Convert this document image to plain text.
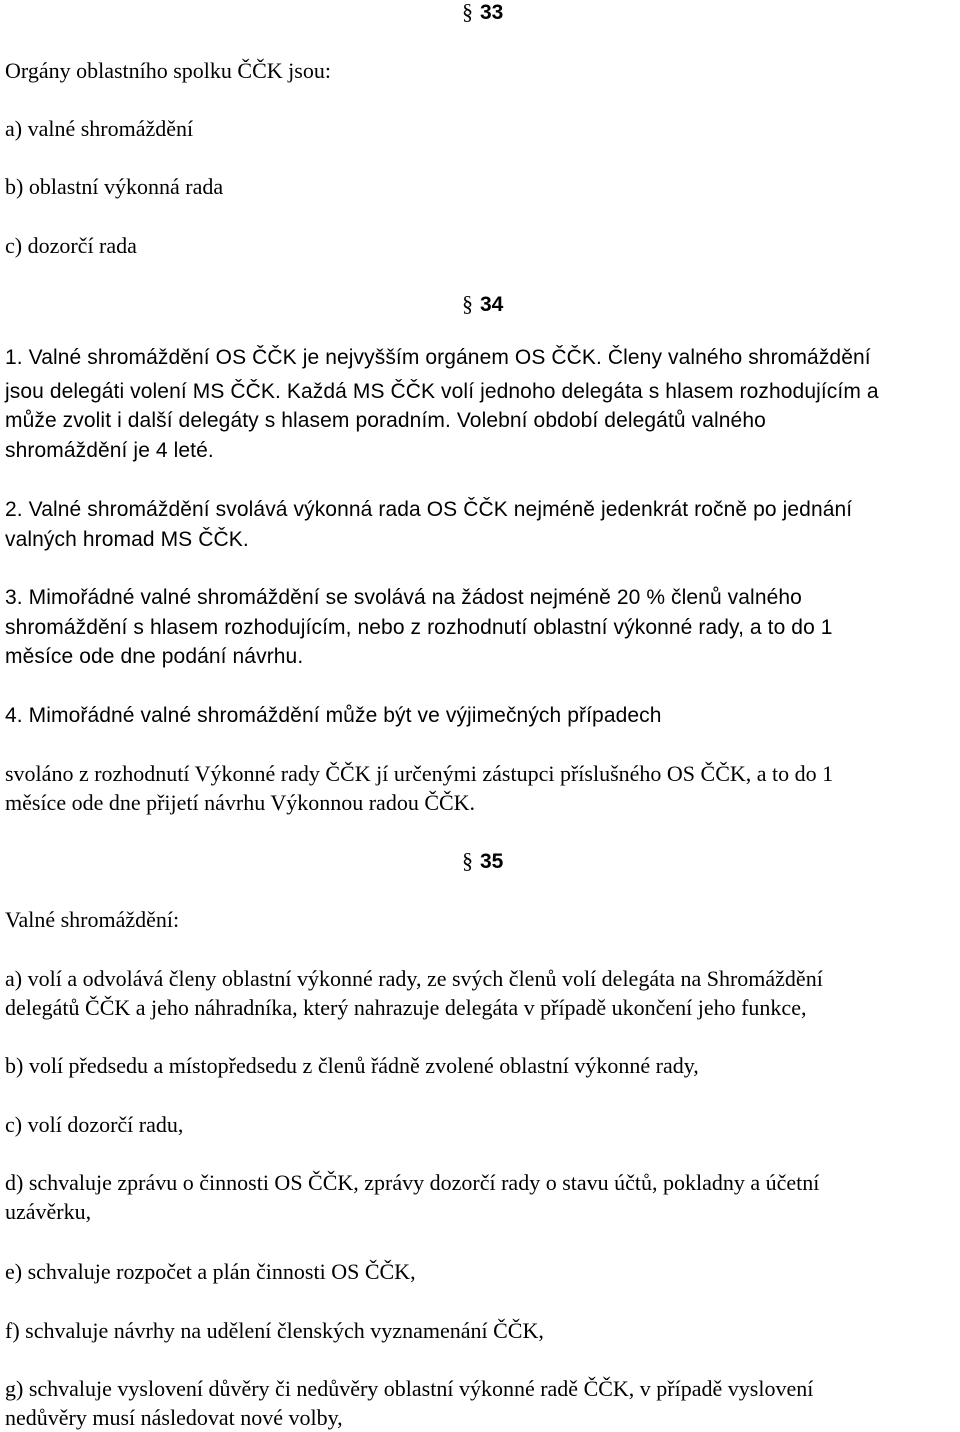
§ 33
§ 34
§ 35

Orgány oblastního spolku ČČK jsou:

a) valné shromáždění

b) oblastní výkonná rada

c) dozorčí rada

1. Valné shromáždění OS ČČK je nejvyšším orgánem OS ČČK. Členy valného shromáždění

jsou delegáti volení MS ČČK. Každá MS ČČK volí jednoho delegáta s hlasem rozhodujícím a

může zvolit i další delegáty s hlasem poradním. Volební období delegátů valného

shromáždění je 4 leté.

2. Valné shromáždění svolává výkonná rada OS ČČK nejméně jedenkrát ročně po jednání

valných hromad MS ČČK.

3. Mimořádné valné shromáždění se svolává na žádost nejméně 20 % členů valného

shromáždění s hlasem rozhodujícím, nebo z rozhodnutí oblastní výkonné rady, a to do 1

měsíce ode dne podání návrhu.

4. Mimořádné valné shromáždění může být ve výjimečných případech

svoláno z rozhodnutí Výkonné rady ČČK jí určenými zástupci příslušného OS ČČK, a to do 1

měsíce ode dne přijetí návrhu Výkonnou radou ČČK.

Valné shromáždění:

a) volí a odvolává členy oblastní výkonné rady, ze svých členů volí delegáta na Shromáždění

delegátů ČČK a jeho náhradníka, který nahrazuje delegáta v případě ukončení jeho funkce,

b) volí předsedu a místopředsedu z členů řádně zvolené oblastní výkonné rady,

c) volí dozorčí radu,

d) schvaluje zprávu o činnosti OS ČČK, zprávy dozorčí rady o stavu účtů, pokladny a účetní

uzávěrku,

e) schvaluje rozpočet a plán činnosti OS ČČK,

f) schvaluje návrhy na udělení členských vyznamenání ČČK,

g) schvaluje vyslovení důvěry či nedůvěry oblastní výkonné radě ČČK, v případě vyslovení

nedůvěry musí následovat nové volby,
